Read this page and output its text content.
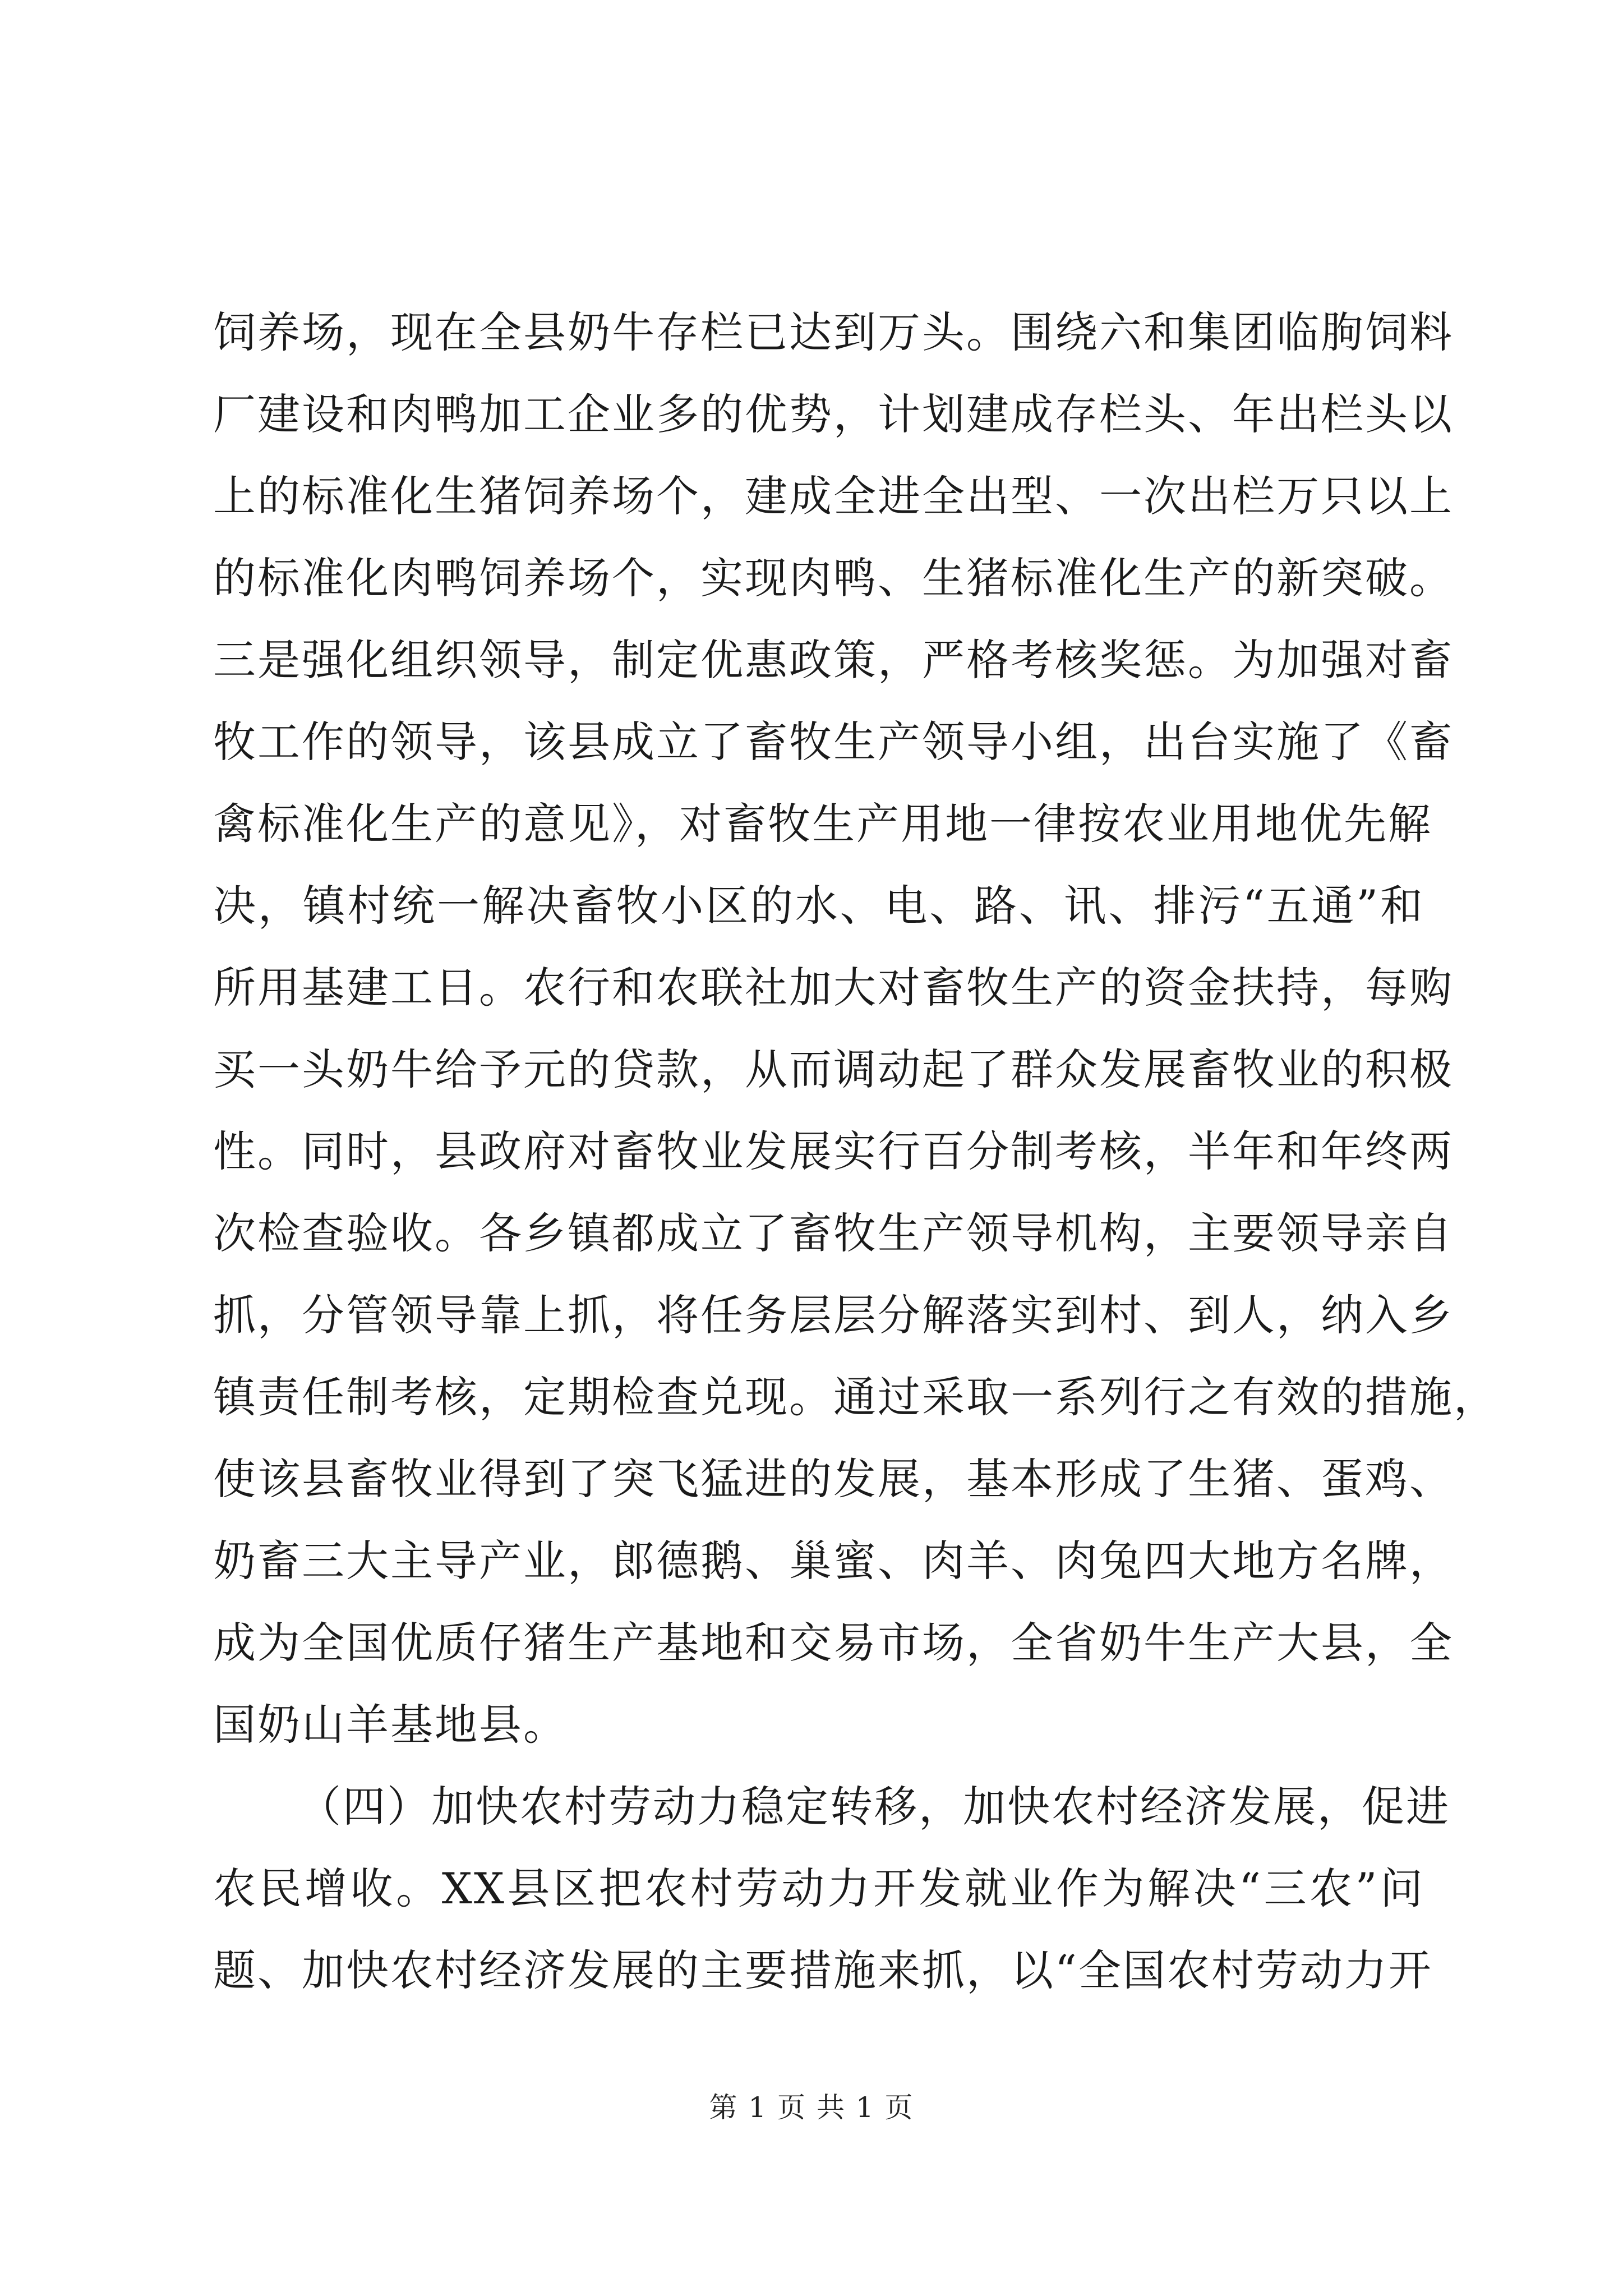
饲养场，现在全县奶牛存栏已达到万头。围绕六和集团临朐饲料
厂建设和肉鸭加工企业多的优势，计划建成存栏头、年出栏头以
上的标准化生猪饲养场个，建成全进全出型、一次出栏万只以上
的标准化肉鸭饲养场个，实现肉鸭、生猪标准化生产的新突破。
三是强化组织领导，制定优惠政策，严格考核奖惩。为加强对畜
牧工作的领导，该县成立了畜牧生产领导小组，出台实施了《畜
禽标准化生产的意见》，对畜牧生产用地一律按农业用地优先解
决，镇村统一解决畜牧小区的水、电、路、讯、排污“五通”和
所用基建工日。农行和农联社加大对畜牧生产的资金扶持，每购
买一头奶牛给予元的贷款，从而调动起了群众发展畜牧业的积极
性。同时，县政府对畜牧业发展实行百分制考核，半年和年终两
次检查验收。各乡镇都成立了畜牧生产领导机构，主要领导亲自
抓，分管领导靠上抓，将任务层层分解落实到村、到人，纳入乡
镇责任制考核，定期检查兑现。通过采取一系列行之有效的措施，
使该县畜牧业得到了突飞猛进的发展，基本形成了生猪、蛋鸡、
奶畜三大主导产业，郎德鹅、巢蜜、肉羊、肉兔四大地方名牌，
成为全国优质仔猪生产基地和交易市场，全省奶牛生产大县，全
国奶山羊基地县。
（四）加快农村劳动力稳定转移，加快农村经济发展，促进
农民增收。XX县区把农村劳动力开发就业作为解决“三农”问
题、加快农村经济发展的主要措施来抓，以“全国农村劳动力开
第 1 页 共 1 页
